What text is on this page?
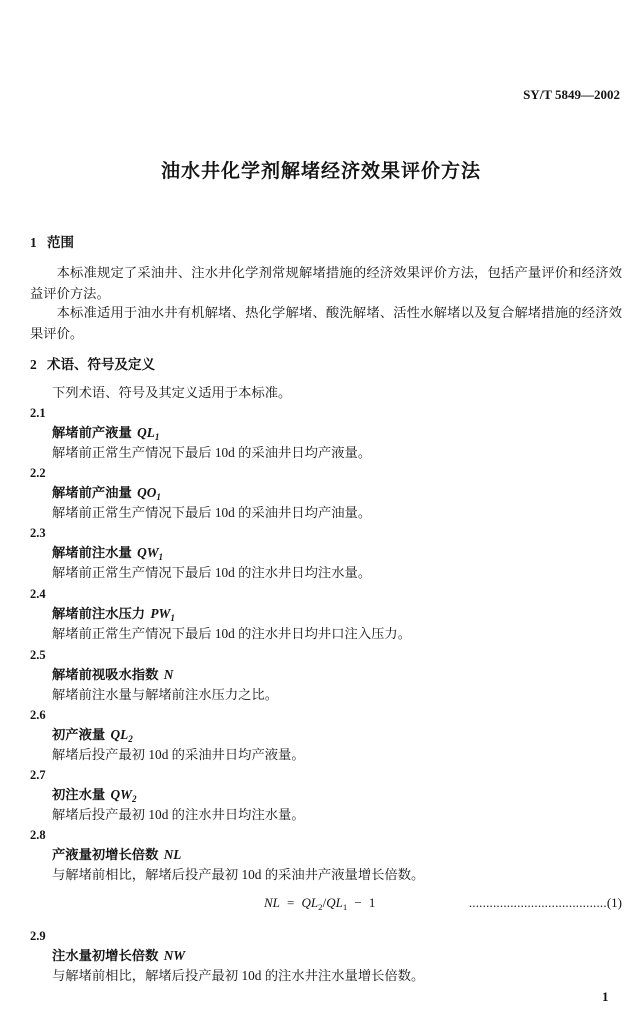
SY/T 5849—2002
油水井化学剂解堵经济效果评价方法
1 范围
本标准规定了采油井、注水井化学剂常规解堵措施的经济效果评价方法，包括产量评价和经济效
益评价方法。
本标准适用于油水井有机解堵、热化学解堵、酸洗解堵、活性水解堵以及复合解堵措施的经济效
果评价。
2 术语、符号及定义
下列术语、符号及其定义适用于本标准。
2.1
解堵前产液量 $QL_1$
解堵前正常生产情况下最后 10d 的采油井日均产液量。
2.2
解堵前产油量 $QO_1$
解堵前正常生产情况下最后 10d 的采油井日均产油量。
2.3
解堵前注水量 $QW_1$
解堵前正常生产情况下最后 10d 的注水井日均注水量。
2.4
解堵前注水压力 $PW_1$
解堵前正常生产情况下最后 10d 的注水井日均井口注入压力。
2.5
解堵前视吸水指数 N
解堵前注水量与解堵前注水压力之比。
2.6
初产液量 $QL_2$
解堵后投产最初 10d 的采油井日均产液量。
2.7
初注水量 $QW_2$
解堵后投产最初 10d 的注水井日均注水量。
2.8
产液量初增长倍数 NL
与解堵前相比，解堵后投产最初 10d 的采油井产液量增长倍数。
NL = $QL_2/QL_1 - 1$	........................................(1)
2.9
注水量初增长倍数 NW
与解堵前相比，解堵后投产最初 10d 的注水井注水量增长倍数。
1
